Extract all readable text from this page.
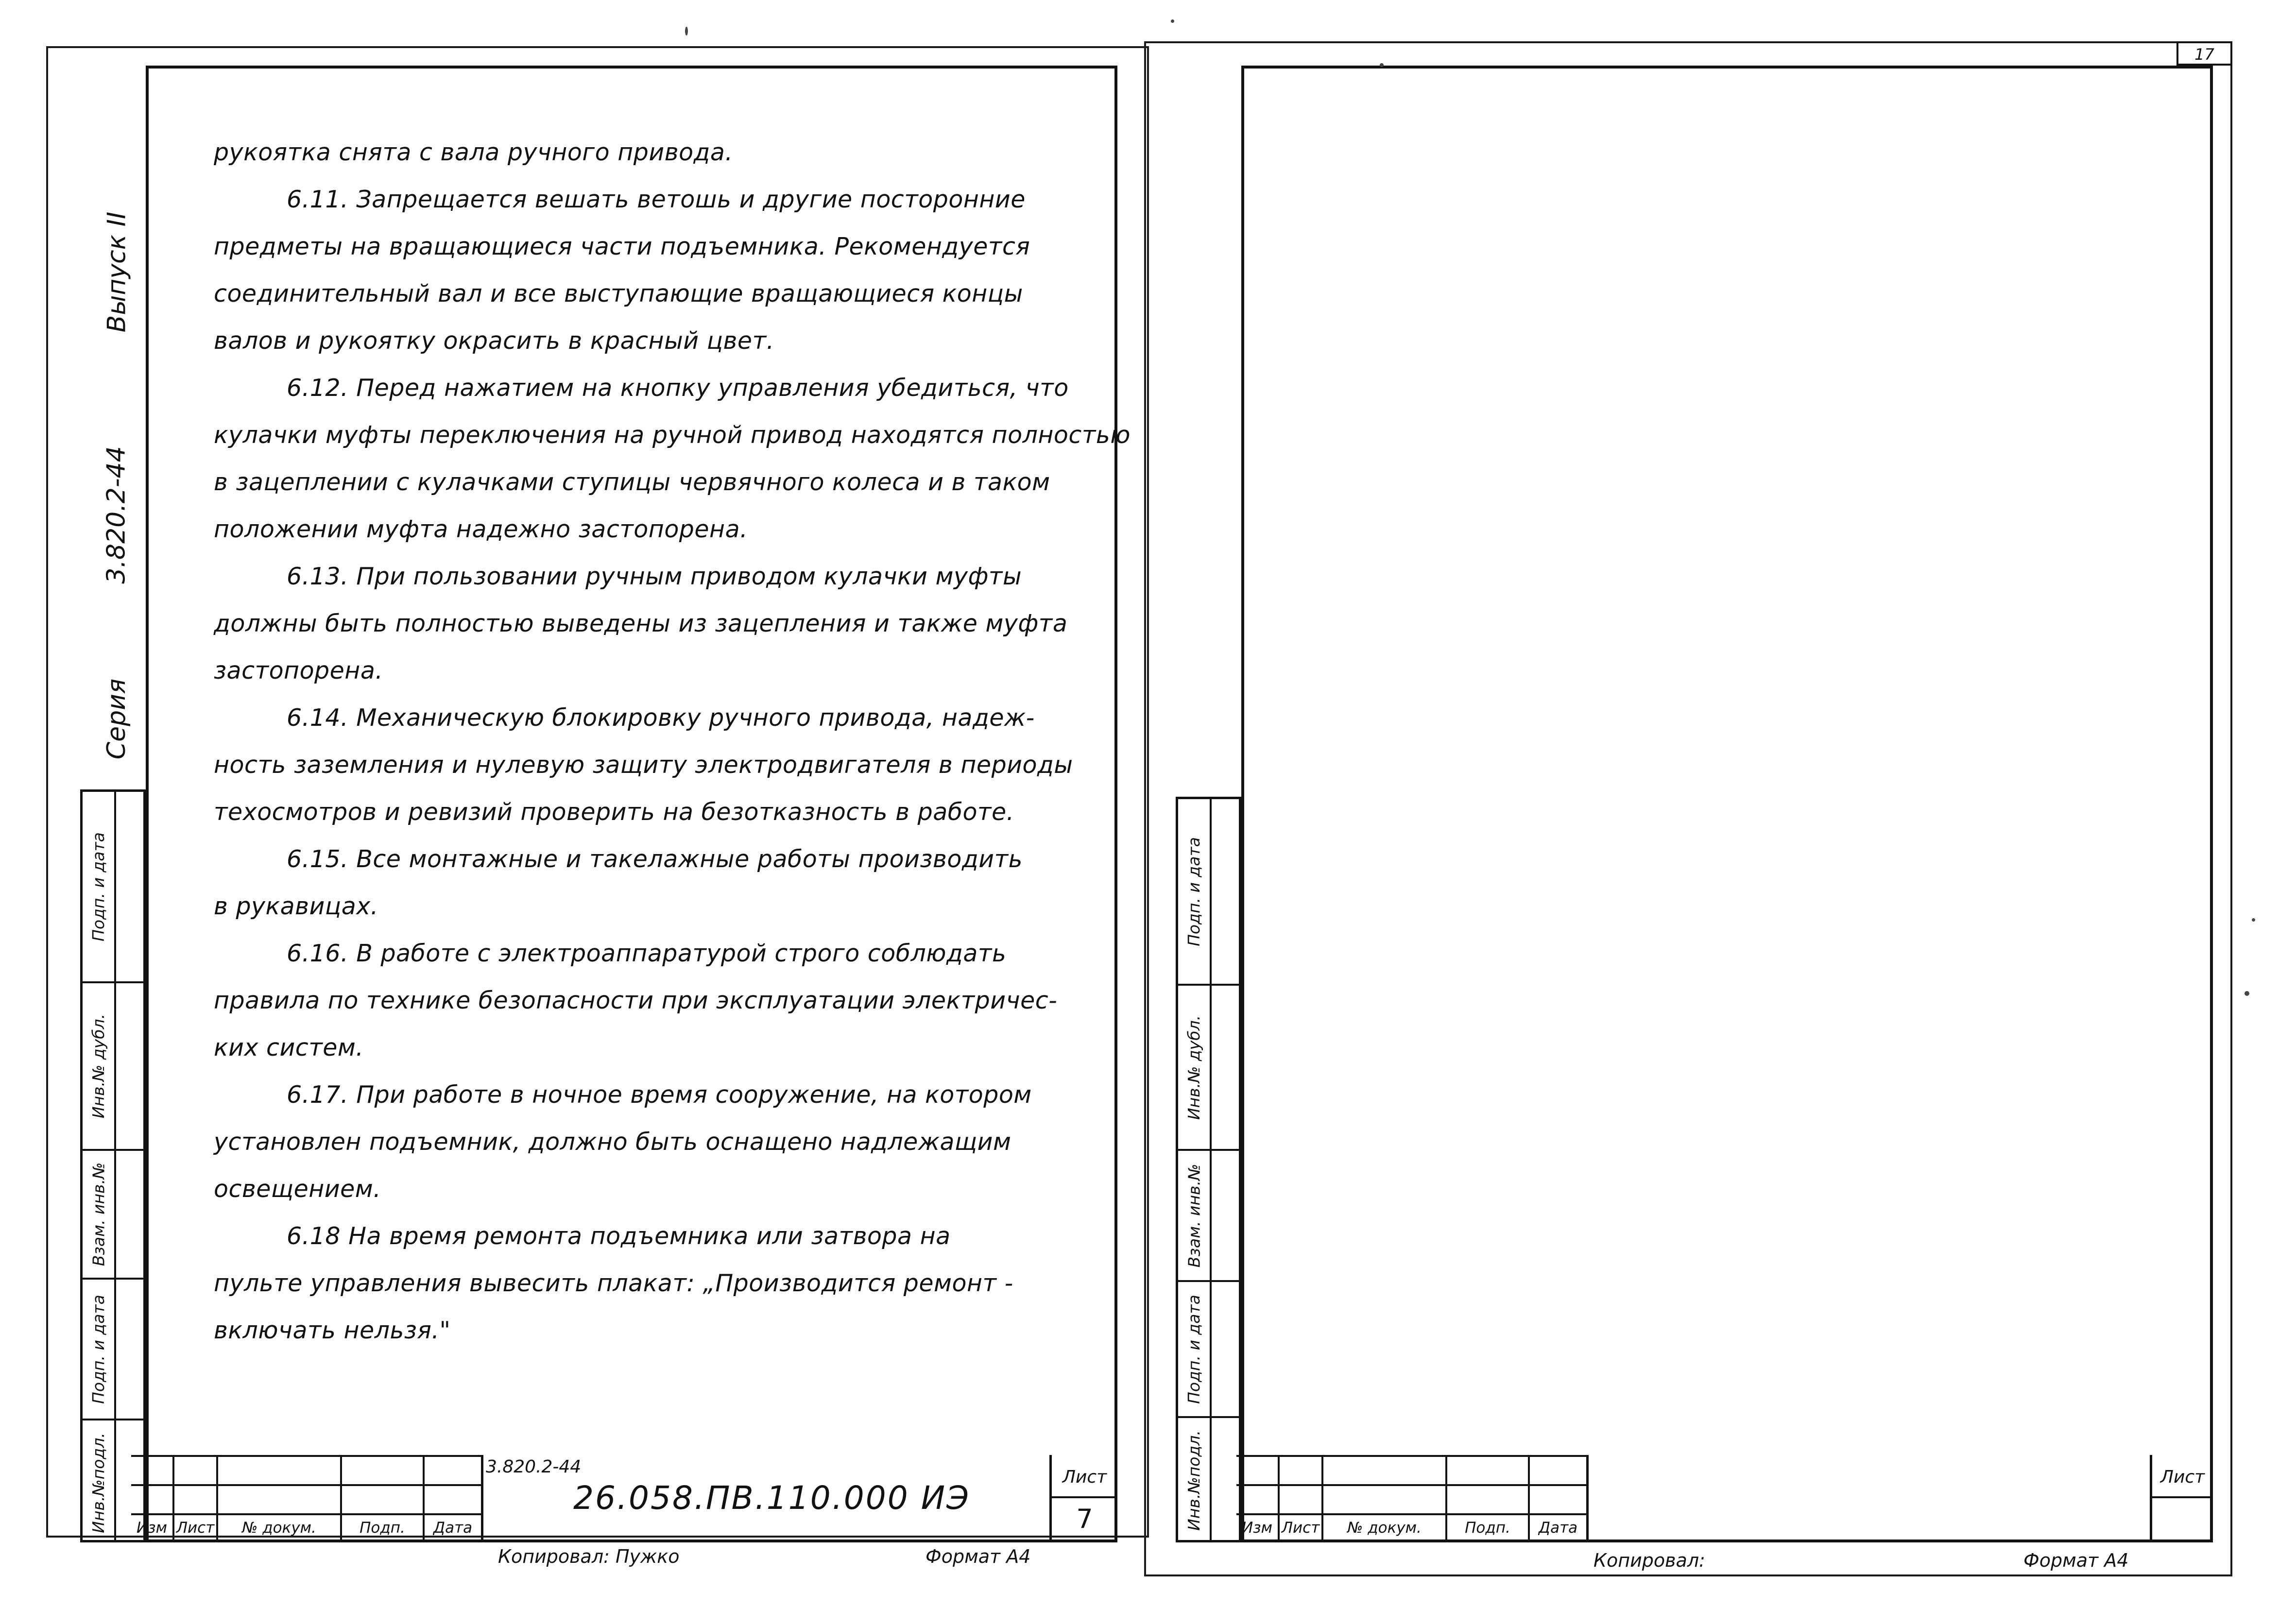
Серия
3.820.2-44
Выпуск II
Инв.№подл.
Подп. и дата
Взам. инв.№
Инв.№ дубл.
Подп. и дата

рукоятка снята с вала ручного привода.

6.11. Запрещается вешать ветошь и другие посторонние

предметы на вращающиеся части подъемника. Рекомендуется

соединительный вал и все выступающие вращающиеся концы

валов и рукоятку окрасить в красный цвет.

6.12. Перед нажатием на кнопку управления убедиться, что

кулачки муфты переключения на ручной привод находятся полностью

в зацеплении с кулачками ступицы червячного колеса и в таком

положении муфта надежно застопорена.

6.13. При пользовании ручным приводом кулачки муфты

должны быть полностью выведены из зацепления и также муфта

застопорена.

6.14. Механическую блокировку ручного привода, надеж-

ность заземления и нулевую защиту электродвигателя в периоды

техосмотров и ревизий проверить на безотказность в работе.

6.15. Все монтажные и такелажные работы производить

в рукавицах.

6.16. В работе с электроаппаратурой строго соблюдать

правила по технике безопасности при эксплуатации электричес-

ких систем.

6.17. При работе в ночное время сооружение, на котором

установлен подъемник, должно быть оснащено надлежащим

освещением.

6.18 На время ремонта подъемника или затвора на

пульте управления вывесить плакат: „Производится ремонт -

включать нельзя."

Изм Лист	№ докум.	Подп.	Дата
3.820.2-44
26.058.ПВ.110.000 ИЭ
Лист
7
Копировал: Пужко	Формат А4
17
Инв.№подл.
Подп. и дата
Взам. инв.№
Инв.№ дубл.
Подп. и дата
Изм Лист	№ докум.	Подп.	Дата
Лист
Копировал:	Формат А4
